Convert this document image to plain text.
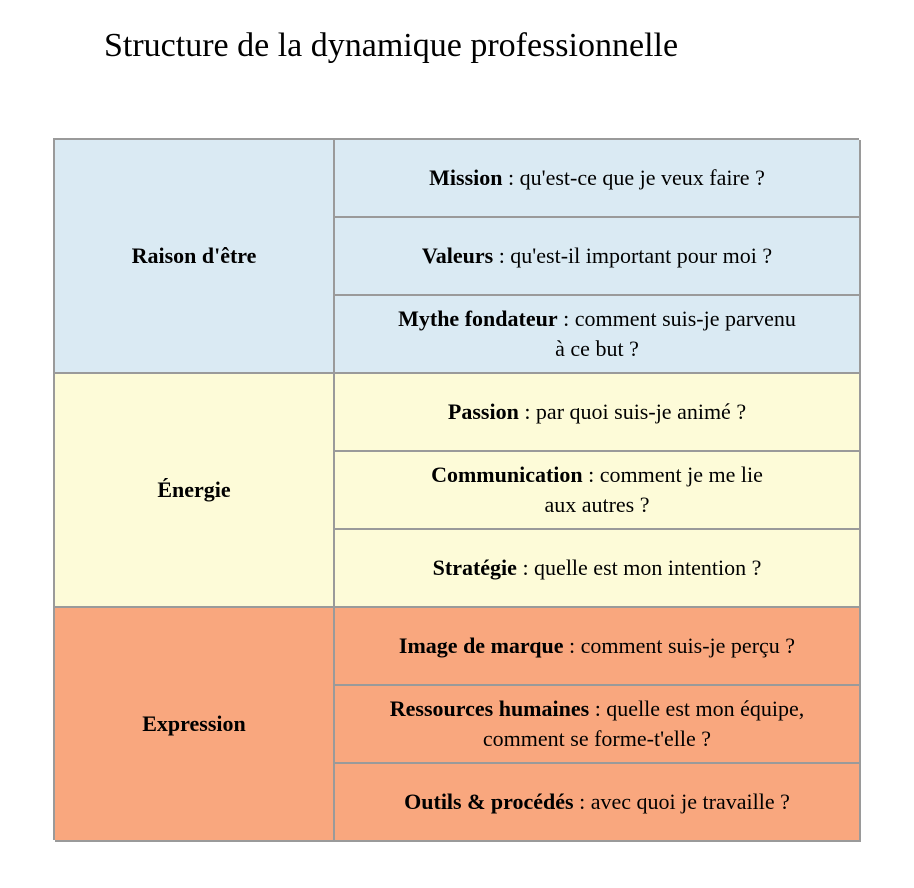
Structure de la dynamique professionnelle
Raison d'être
Mission : qu'est-ce que je veux faire ?
Valeurs : qu'est-il important pour moi ?
Mythe fondateur : comment suis-je parvenu
à ce but ?
Énergie
Passion : par quoi suis-je animé ?
Communication : comment je me lie
aux autres ?
Stratégie : quelle est mon intention ?
Expression
Image de marque : comment suis-je perçu ?
Ressources humaines : quelle est mon équipe,
comment se forme-t'elle ?
Outils & procédés : avec quoi je travaille ?
